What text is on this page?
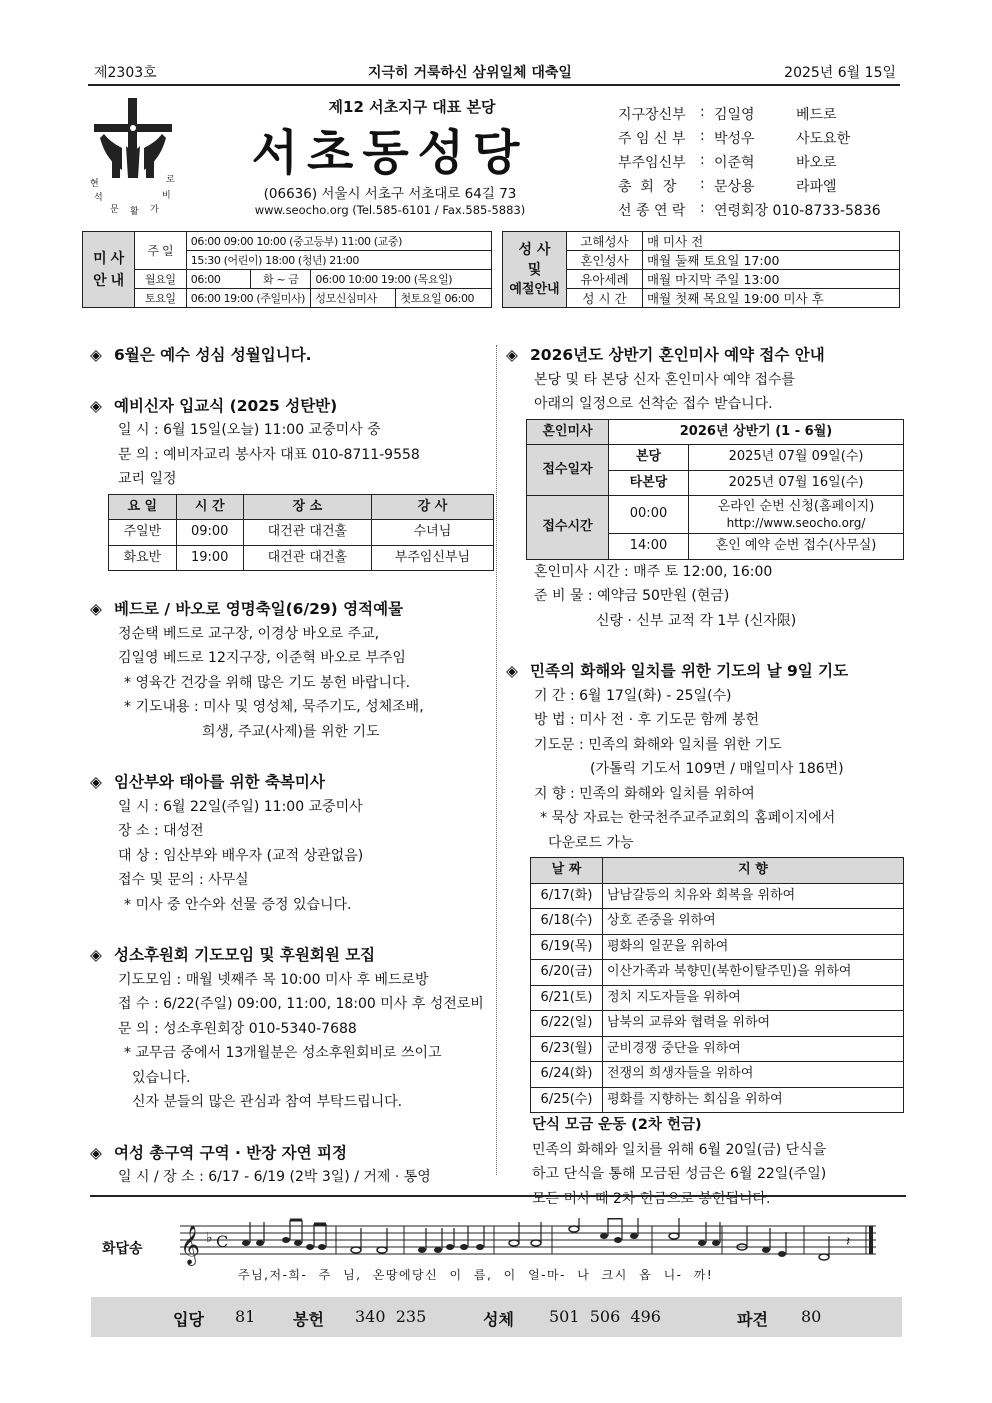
제2303호	지극히 거룩하신 삼위일체 대축일	2025년 6월 15일
현
석
문
로
가
비
활
제12 서초지구 대표 본당
서초동성당
(06636) 서울시 서초구 서초대로 64길 73
www.seocho.org (Tel.585-6101 / Fax.585-5883)
지구장신부	: 김일영	베드로
주 임 신 부	: 박성우	사도요한
부주임신부	: 이준혁	바오로
총  회  장	: 문상용	라파엘
선 종 연 락	: 연령회장 010-8733-5836
미 사
안 내	주 일	06:00 09:00 10:00 (중고등부) 11:00 (교중)			
		15:30 (어린이) 18:00 (청년) 21:00			
	월요일	06:00	화 ~ 금	06:00 10:00 19:00 (목요일)	
	토요일	06:00 19:00 (주일미사)		성모신심미사	첫토요일 06:00
성 사
및
예절안내	고해성사	매 미사 전
	혼인성사	매월 둘째 토요일 17:00
	유아세례	매월 마지막 주일 13:00
	성 시 간	매월 첫째 목요일 19:00 미사 후
◈ 6월은 예수 성심 성월입니다.
◈ 예비신자 입교식 (2025 성탄반)
일 시 : 6월 15일(오늘) 11:00 교중미사 중
문 의 : 예비자교리 봉사자 대표 010-8711-9558
교리 일정
요 일	시 간	장 소	강 사
주일반	09:00	대건관 대건홀	수녀님
화요반	19:00	대건관 대건홀	부주임신부님
◈ 베드로 / 바오로 영명축일(6/29) 영적예물
정순택 베드로 교구장, 이경상 바오로 주교,
김일영 베드로 12지구장, 이준혁 바오로 부주임
* 영육간 건강을 위해 많은 기도 봉헌 바랍니다.
* 기도내용 : 미사 및 영성체, 묵주기도, 성체조배,
희생, 주교(사제)를 위한 기도
◈ 임산부와 태아를 위한 축복미사
일 시 : 6월 22일(주일) 11:00 교중미사
장 소 : 대성전
대 상 : 임산부와 배우자 (교적 상관없음)
접수 및 문의 : 사무실
* 미사 중 안수와 선물 증정 있습니다.
◈ 성소후원회 기도모임 및 후원회원 모집
기도모임 : 매월 넷째주 목 10:00 미사 후 베드로방
접 수 : 6/22(주일) 09:00, 11:00, 18:00 미사 후 성전로비
문 의 : 성소후원회장 010-5340-7688
* 교무금 중에서 13개월분은 성소후원회비로 쓰이고
있습니다.
신자 분들의 많은 관심과 참여 부탁드립니다.
◈ 여성 총구역 구역 · 반장 자연 피정
일 시 / 장 소 : 6/17 - 6/19 (2박 3일) / 거제 · 통영
◈ 2026년도 상반기 혼인미사 예약 접수 안내
본당 및 타 본당 신자 혼인미사 예약 접수를
아래의 일정으로 선착순 접수 받습니다.
혼인미사	2026년 상반기 (1 - 6월)	
접수일자	본당	2025년 07월 09일(수)
	타본당	2025년 07월 16일(수)
접수시간	00:00	온라인 순번 신청(홈페이지)
http://www.seocho.org/

	14:00	혼인 예약 순번 접수(사무실)
혼인미사 시간 : 매주 토 12:00, 16:00
준 비 물 : 예약금 50만원 (현금)
신랑 · 신부 교적 각 1부 (신자限)
◈ 민족의 화해와 일치를 위한 기도의 날 9일 기도
기 간 : 6월 17일(화) - 25일(수)
방 법 : 미사 전 · 후 기도문 함께 봉헌
기도문 : 민족의 화해와 일치를 위한 기도
(가톨릭 기도서 109면 / 매일미사 186면)
지 향 : 민족의 화해와 일치를 위하여
* 묵상 자료는 한국천주교주교회의 홈페이지에서
다운로드 가능
날 짜	지 향
6/17(화)	남남갈등의 치유와 회복을 위하여
6/18(수)	상호 존중을 위하여
6/19(목)	평화의 일꾼을 위하여
6/20(금)	이산가족과 북향민(북한이탈주민)을 위하여
6/21(토)	정치 지도자들을 위하여
6/22(일)	남북의 교류와 협력을 위하여
6/23(월)	군비경쟁 중단을 위하여
6/24(화)	전쟁의 희생자들을 위하여
6/25(수)	평화를 지향하는 회심을 위하여
단식 모금 운동 (2차 헌금)
민족의 화해와 일치를 위해 6월 20일(금) 단식을
하고 단식을 통해 모금된 성금은 6월 22일(주일)
모든 미사 때 2차 헌금으로 봉헌됩니다.
화답송 𝄞 ♭ C	𝄽
주님,저-희- 주 님, 온땅에당신 이 름, 이 얼-마- 나 크시 옵 니- 까!
입당 81 봉헌 340  235	성체 501  506  496	파견 80
